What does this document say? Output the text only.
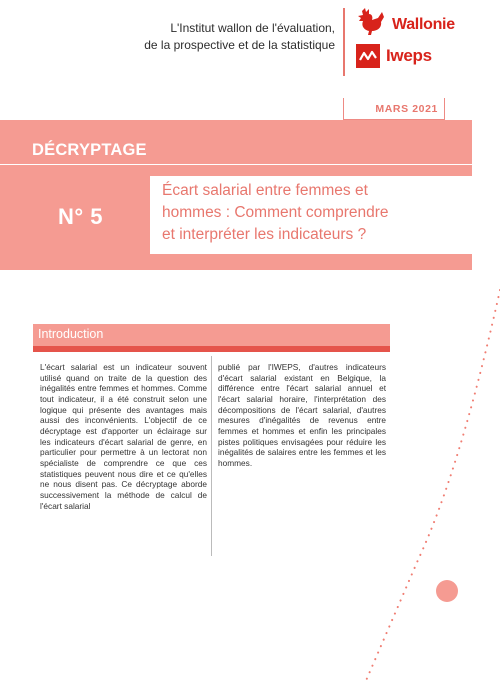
L'Institut wallon de l'évaluation,
de la prospective et de la statistique
Wallonie
Iweps
MARS 2021
DÉCRYPTAGE
N° 5
Écart salarial entre femmes et
hommes : Comment comprendre
et interpréter les indicateurs ?
Introduction
L'écart salarial est un indicateur souvent utilisé quand on traite de la question des inégalités entre femmes et hommes. Comme tout indicateur, il a été construit selon une logique qui présente des avantages mais aussi des inconvénients. L'objectif de ce décryptage est d'apporter un éclairage sur les indicateurs d'écart salarial de genre, en particulier pour permettre à un lectorat non spécialiste de comprendre ce que ces statistiques peuvent nous dire et ce qu'elles ne nous disent pas. Ce décryptage aborde successivement la méthode de calcul de l'écart salarial
publié par l'IWEPS, d'autres indicateurs d'écart salarial existant en Belgique, la différence entre l'écart salarial annuel et l'écart salarial horaire, l'interprétation des décompositions de l'écart salarial, d'autres mesures d'inégalités de revenus entre femmes et hommes et enfin les principales pistes politiques envisagées pour réduire les inégalités de salaires entre les femmes et les hommes.
